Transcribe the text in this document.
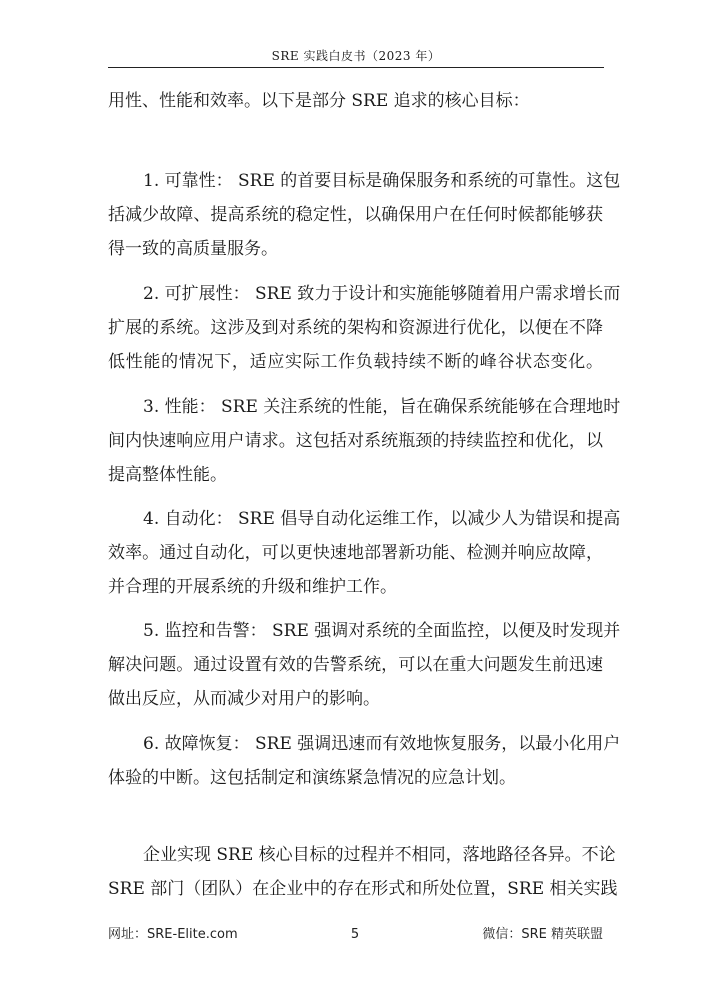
SRE 实践白皮书（2023 年）
用性、性能和效率。以下是部分 SRE 追求的核心目标：
1. 可靠性： SRE 的首要目标是确保服务和系统的可靠性。这包
括减少故障、提高系统的稳定性，以确保用户在任何时候都能够获
得一致的高质量服务。
2. 可扩展性： SRE 致力于设计和实施能够随着用户需求增长而
扩展的系统。这涉及到对系统的架构和资源进行优化，以便在不降
低性能的情况下，适应实际工作负载持续不断的峰谷状态变化。
3. 性能： SRE 关注系统的性能，旨在确保系统能够在合理地时
间内快速响应用户请求。这包括对系统瓶颈的持续监控和优化，以
提高整体性能。
4. 自动化： SRE 倡导自动化运维工作，以减少人为错误和提高
效率。通过自动化，可以更快速地部署新功能、检测并响应故障，
并合理的开展系统的升级和维护工作。
5. 监控和告警： SRE 强调对系统的全面监控，以便及时发现并
解决问题。通过设置有效的告警系统，可以在重大问题发生前迅速
做出反应，从而减少对用户的影响。
6. 故障恢复： SRE 强调迅速而有效地恢复服务，以最小化用户
体验的中断。这包括制定和演练紧急情况的应急计划。
企业实现 SRE 核心目标的过程并不相同，落地路径各异。不论
SRE 部门（团队）在企业中的存在形式和所处位置，SRE 相关实践
网址：SRE-Elite.com	5	微信：SRE 精英联盟
